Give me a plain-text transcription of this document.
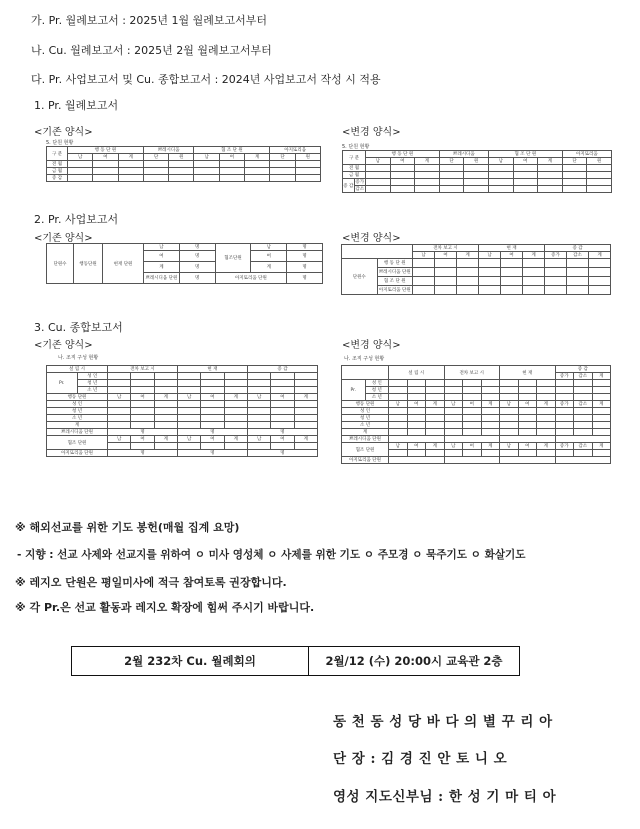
가. Pr. 월례보고서 : 2025년 1월 월례보고서부터
나. Cu. 월례보고서 : 2025년 2월 월례보고서부터
다. Pr. 사업보고서 및 Cu. 종합보고서 : 2024년 사업보고서 작성 시 적용
1. Pr. 월례보고서
<기존 양식>	<변경 양식>
5. 단원 현황
구 분	행 동 단 원			쁘레시디움		협 조 단 원			아지또리움	
	남	여	계	단	원	남	여	계	단	원
전 월										
금 월										
증 감										
5. 단원 현황
구 분		행 동 단 원			쁘레시디움		협 조 단 원			아지또리움	
		남	여	계	단	원	남	여	계	단	원
전 월											
금 월											
증 감	증가										
	감소										
2. Pr. 사업보고서
<기존 양식>	<변경 양식>
단원수	행동단원	현재 단원	남	명	협조단원	남	명
			여	명		여	명
			계	명		계	명
			쁘레시디움 단원	명	아지또리움 단원		명
		전차 보고 시			현 재			증 감		
		남	여	계	남	여	계	증가	감소	계
단원수	행 동 단 원									
	쁘레시디움 단원									
	협 조 단 원									
	아지또리움 단원									
3. Cu. 종합보고서
<기존 양식>	<변경 양식>
나. 조직 구성 현황
설 립 시		전차 보고 시			현 재			증 감		
Pr.	성 인									
	청 년									
	소 년									
행동 단원		남	여	계	남	여	계	남	여	계
성 인										
청 년										
소 년										
계										
쁘레시디움 단원		명			명			명		
협조 단원		남	여	계	남	여	계	남	여	계

아지또리움 단원		명			명			명		
나. 조직 구성 현황
		설 립 시			전차 보고 시			현 재			증 감		
											증가	감소	계
Pr.	성 인												
	청 년												
	소 년												
행동 단원		남	여	계	남	여	계	남	여	계	증가	감소	계
성 인													
청 년													
소 년													
계													
쁘레시디움 단원													
협조 단원		남	여	계	남	여	계	남	여	계	증가	감소	계

아지또리움 단원													
※ 해외선교를 위한 기도 봉헌(매월 집계 요망)
- 지향 : 선교 사제와 선교지를 위하여 ㅇ 미사 영성체 ㅇ 사제를 위한 기도 ㅇ 주모경 ㅇ 묵주기도 ㅇ 화살기도
※ 레지오 단원은 평일미사에 적극 참여토록 권장합니다.
※ 각 Pr.은 선교 활동과 레지오 확장에 힘써 주시기 바랍니다.
2월 232차 Cu. 월례회의	2월/12 (수) 20:00시 교육관 2층
동 천 동 성 당 바 다 의 별 꾸 리 아
단 장 : 김 경 진 안 토 니 오
영성 지도신부님 : 한 성 기 마 티 아
